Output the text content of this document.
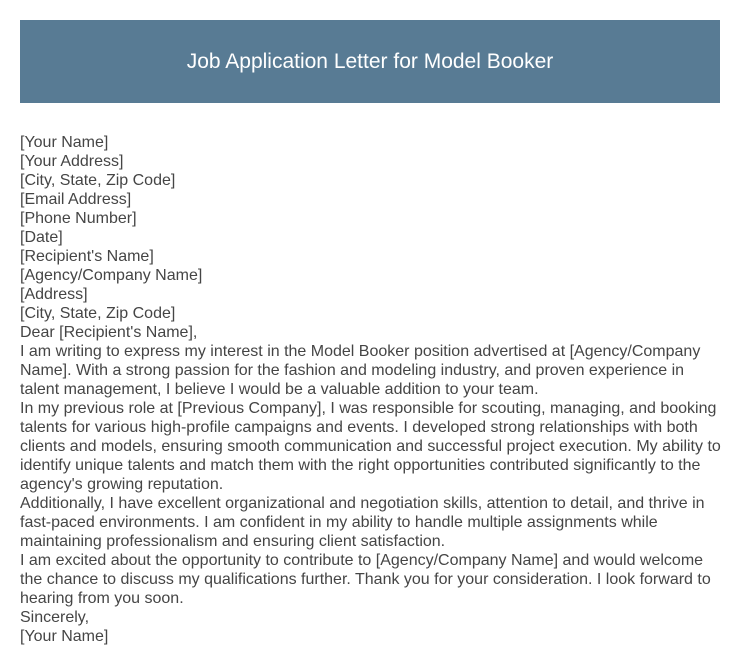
Job Application Letter for Model Booker

[Your Name]

[Your Address]

[City, State, Zip Code]

[Email Address]

[Phone Number]

[Date]

[Recipient's Name]

[Agency/Company Name]

[Address]

[City, State, Zip Code]

Dear [Recipient's Name],

I am writing to express my interest in the Model Booker position advertised at [Agency/Company Name]. With a strong passion for the fashion and modeling industry, and proven experience in talent management, I believe I would be a valuable addition to your team.

In my previous role at [Previous Company], I was responsible for scouting, managing, and booking talents for various high-profile campaigns and events. I developed strong relationships with both clients and models, ensuring smooth communication and successful project execution. My ability to identify unique talents and match them with the right opportunities contributed significantly to the agency's growing reputation.

Additionally, I have excellent organizational and negotiation skills, attention to detail, and thrive in fast-paced environments. I am confident in my ability to handle multiple assignments while maintaining professionalism and ensuring client satisfaction.

I am excited about the opportunity to contribute to [Agency/Company Name] and would welcome the chance to discuss my qualifications further. Thank you for your consideration. I look forward to hearing from you soon.

Sincerely,

[Your Name]
